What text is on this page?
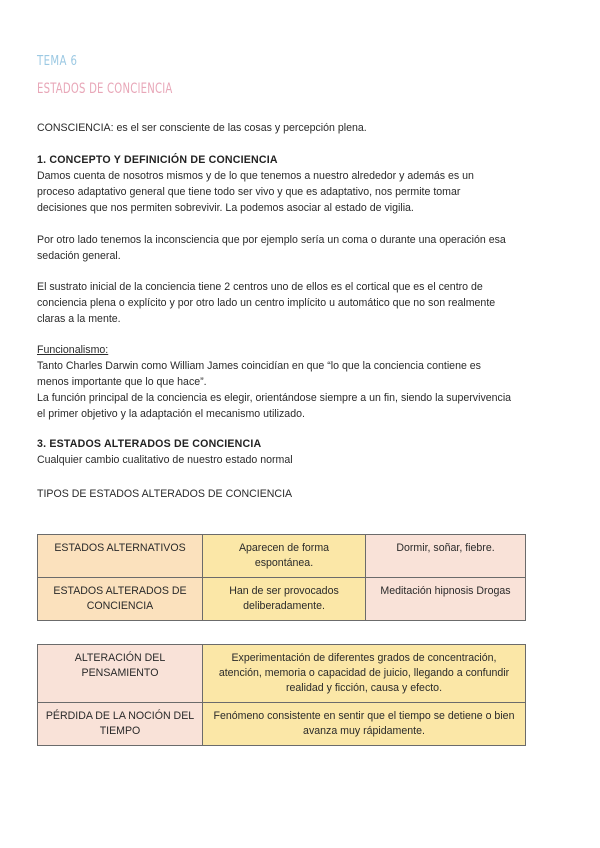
TEMA 6
ESTADOS DE CONCIENCIA

CONSCIENCIA: es el ser consciente de las cosas y percepción plena.

1. CONCEPTO Y DEFINICIÓN DE CONCIENCIA

Damos cuenta de nosotros mismos y de lo que tenemos a nuestro alrededor y además es un
proceso adaptativo general que tiene todo ser vivo y que es adaptativo, nos permite tomar
decisiones que nos permiten sobrevivir. La podemos asociar al estado de vigilia.
Por otro lado tenemos la inconsciencia que por ejemplo sería un coma o durante una operación esa
sedación general.
El sustrato inicial de la conciencia tiene 2 centros uno de ellos es el cortical que es el centro de
conciencia plena o explícito y por otro lado un centro implícito u automático que no son realmente
claras a la mente.

Funcionalismo:

Tanto Charles Darwin como William James coincidían en que “lo que la conciencia contiene es
menos importante que lo que hace”.
La función principal de la conciencia es elegir, orientándose siempre a un fin, siendo la supervivencia
el primer objetivo y la adaptación el mecanismo utilizado.

3. ESTADOS ALTERADOS DE CONCIENCIA

Cualquier cambio cualitativo de nuestro estado normal

TIPOS DE ESTADOS ALTERADOS DE CONCIENCIA

ESTADOS ALTERNATIVOS	Aparecen de forma espontánea.	Dormir, soñar, fiebre.
ESTADOS ALTERADOS DE CONCIENCIA	Han de ser provocados deliberadamente.	Meditación hipnosis Drogas
ALTERACIÓN DEL PENSAMIENTO	Experimentación de diferentes grados de concentración, atención, memoria o capacidad de juicio, llegando a confundir realidad y ficción, causa y efecto.
PÉRDIDA DE LA NOCIÓN DEL TIEMPO	Fenómeno consistente en sentir que el tiempo se detiene o bien avanza muy rápidamente.
